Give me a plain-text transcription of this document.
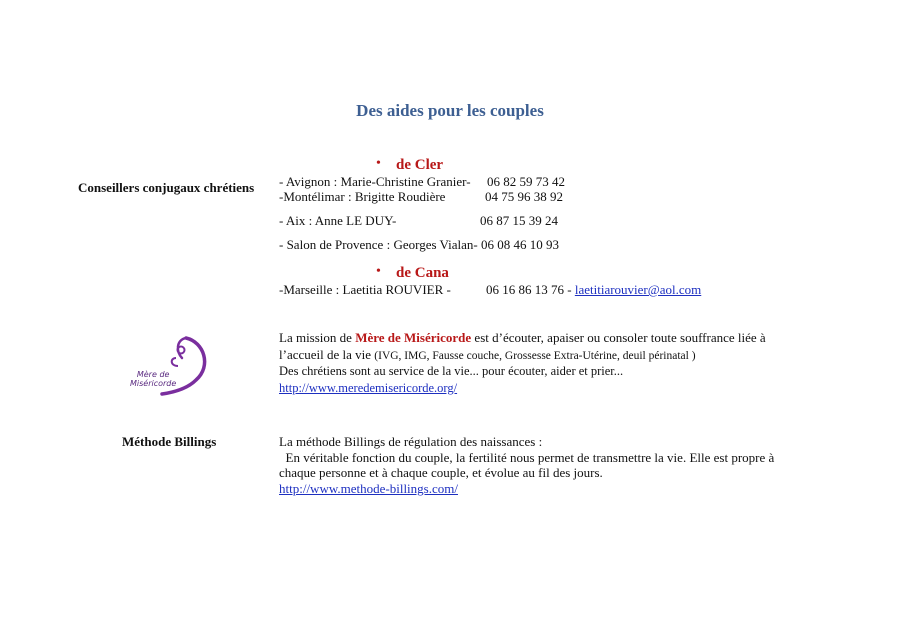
Des aides pour les couples
Conseillers conjugaux chrétiens
• de Cler
- Avignon : Marie-Christine Granier- 06 82 59 73 42
-Montélimar : Brigitte Roudière	04 75 96 38 92
- Aix : Anne LE DUY-	06 87 15 39 24
- Salon de Provence : Georges Vialan- 06 08 46 10 93
• de Cana
-Marseille : Laetitia ROUVIER -	06 16 86 13 76 - laetitiarouvier@aol.com
Mère de
Miséricorde
La mission de Mère de Miséricorde est d’écouter, apaiser ou consoler toute souffrance liée à
l’accueil de la vie (IVG, IMG, Fausse couche, Grossesse Extra-Utérine, deuil périnatal )
Des chrétiens sont au service de la vie... pour écouter, aider et prier...
http://www.meredemisericorde.org/
Méthode Billings	La méthode Billings de régulation des naissances :
En véritable fonction du couple, la fertilité nous permet de transmettre la vie. Elle est propre à
chaque personne et à chaque couple, et évolue au fil des jours.
http://www.methode-billings.com/
